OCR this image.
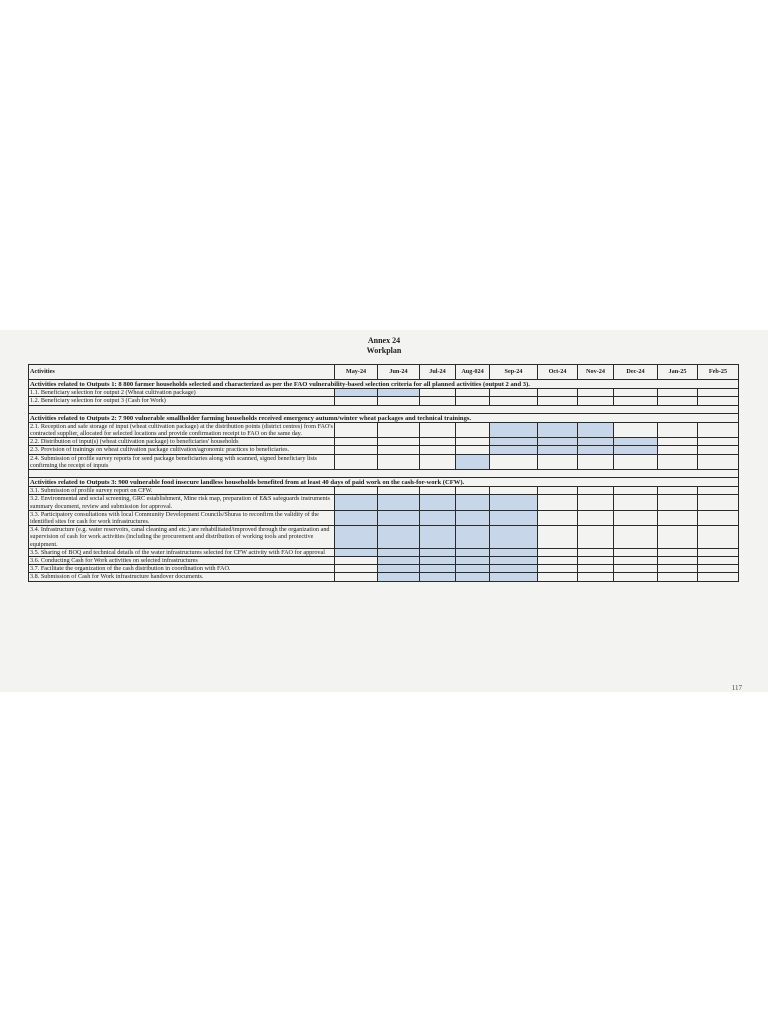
Annex 24
Workplan
Activities	May-24	Jun-24	Jul-24	Aug-024	Sep-24	Oct-24	Nov-24	Dec-24	Jan-25	Feb-25
Activities related to Outputs 1: 8 800 farmer households selected and characterized as per the FAO vulnerability-based selection criteria for all planned activities (output 2 and 3).										
1.1. Beneficiary selection for output 2 (Wheat cultivation package)										
1.2. Beneficiary selection for output 3 (Cash for Work)										

Activities related to Outputs 2: 7 900 vulnerable smallholder farming households received emergency autumn/winter wheat packages and technical trainings.										
2.1. Reception and safe storage of input (wheat cultivation package) at the distribution points (district centres) from FAO's contracted supplier, allocated for selected locations and provide confirmation receipt to FAO on the same day.										
2.2. Distribution of input(s) (wheat cultivation package) to beneficiaries' households										
2.3. Provision of trainings on wheat cultivation package cultivation/agronomic practices to beneficiaries.										
2.4. Submission of profile survey reports for seed package beneficiaries along with scanned, signed beneficiary lists confirming the receipt of inputs										

Activities related to Outputs 3: 900 vulnerable food insecure landless households benefited from at least 40 days of paid work on the cash-for-work (CFW).										
3.1. Submission of profile survey report on CFW.										
3.2. Environmental and social screening, GRC establishment, Mine risk map, preparation of E&S safeguards instruments summary document, review and submission for approval.										
3.3. Participatory consultations with local Community Development Councils/Shuras to reconfirm the validity of the identified sites for cash for work infrastructures.										
3.4. Infrastructure (e.g. water reservoirs, canal cleaning and etc.) are rehabilitated/improved through the organization and supervision of cash for work activities (including the procurement and distribution of working tools and protective equipment.										
3.5. Sharing of BOQ and technical details of the water infrastructures selected for CFW activity with FAO for approval										
3.6. Conducting Cash for Work activities on selected infrastructures										
3.7. Facilitate the organization of the cash distribution in coordination with FAO.										
3.8. Submission of Cash for Work infrastructure handover documents.										
117
